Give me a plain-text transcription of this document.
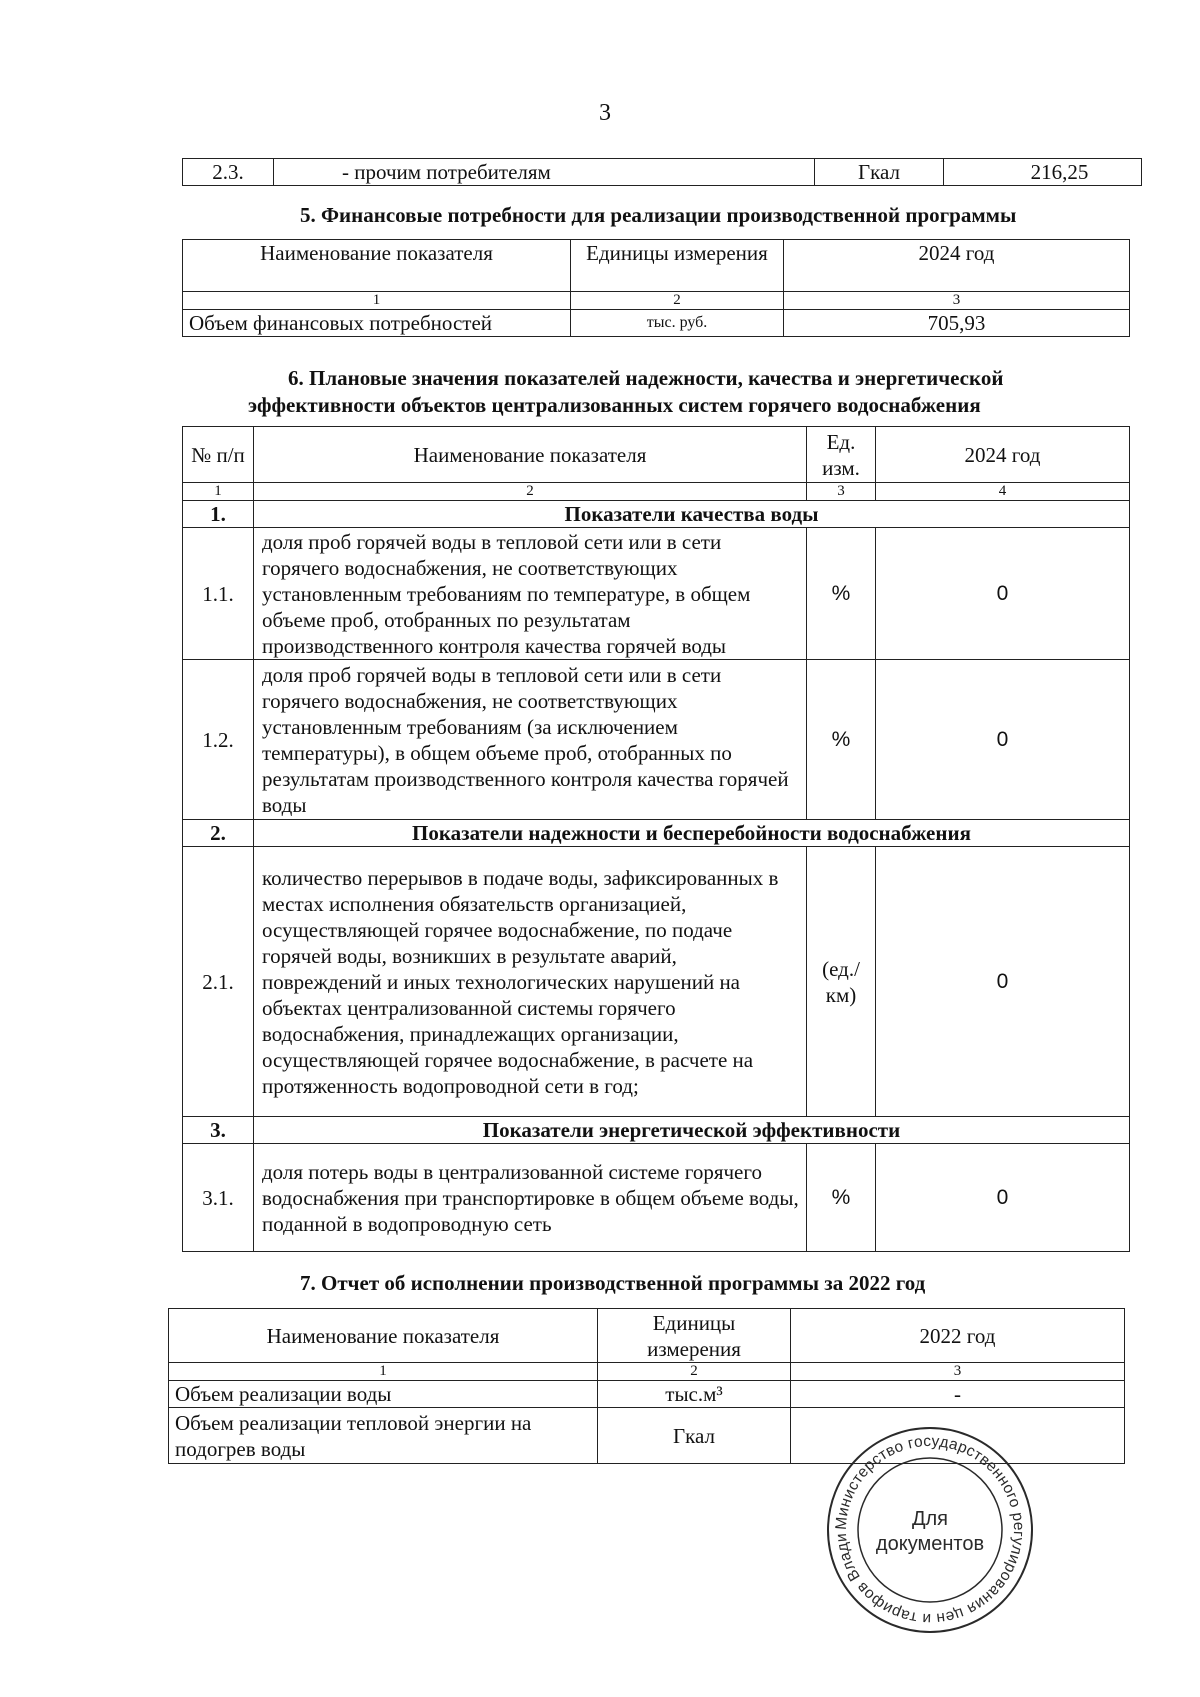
3
2.3.	- прочим потребителям	Гкал	216,25
5. Финансовые потребности для реализации производственной программы
Наименование показателя	Единицы измерения	2024 год
1	2	3
Объем финансовых потребностей	тыс. руб.	705,93
6. Плановые значения показателей надежности, качества и энергетической
эффективности объектов централизованных систем горячего водоснабжения
№ п/п	Наименование показателя	Ед. изм.	2024 год
1	2	3	4
1.	Показатели качества воды		
1.1.	доля проб горячей воды в тепловой сети или в сети горячего водоснабжения, не соответствующих установленным требованиям по температуре, в общем объеме проб, отобранных по результатам производственного контроля качества горячей воды	%	0
1.2.	доля проб горячей воды в тепловой сети или в сети горячего водоснабжения, не соответствующих установленным требованиям (за исключением температуры), в общем объеме проб, отобранных по результатам производственного контроля качества горячей воды	%	0
2.	Показатели надежности и бесперебойности водоснабжения		
2.1.	количество перерывов в подаче воды, зафиксированных в местах исполнения обязательств организацией, осуществляющей горячее водоснабжение, по подаче горячей воды, возникших в результате аварий, повреждений и иных технологических нарушений на объектах централизованной системы горячего водоснабжения, принадлежащих организации, осуществляющей горячее водоснабжение, в расчете на протяженность водопроводной сети в год;	(ед./ км)	0
3.	Показатели энергетической эффективности		
3.1.	доля потерь воды в централизованной системе горячего водоснабжения при транспортировке в общем объеме воды, поданной в водопроводную сеть	%	0
7. Отчет об исполнении производственной программы за 2022 год
Наименование показателя	Единицы измерения	2022 год
1	2	3
Объем реализации воды	тыс.м³	-
Объем реализации тепловой энергии на подогрев воды	Гкал	
Министерство государственного регулирования цен и тарифов Влади
Для
документов
